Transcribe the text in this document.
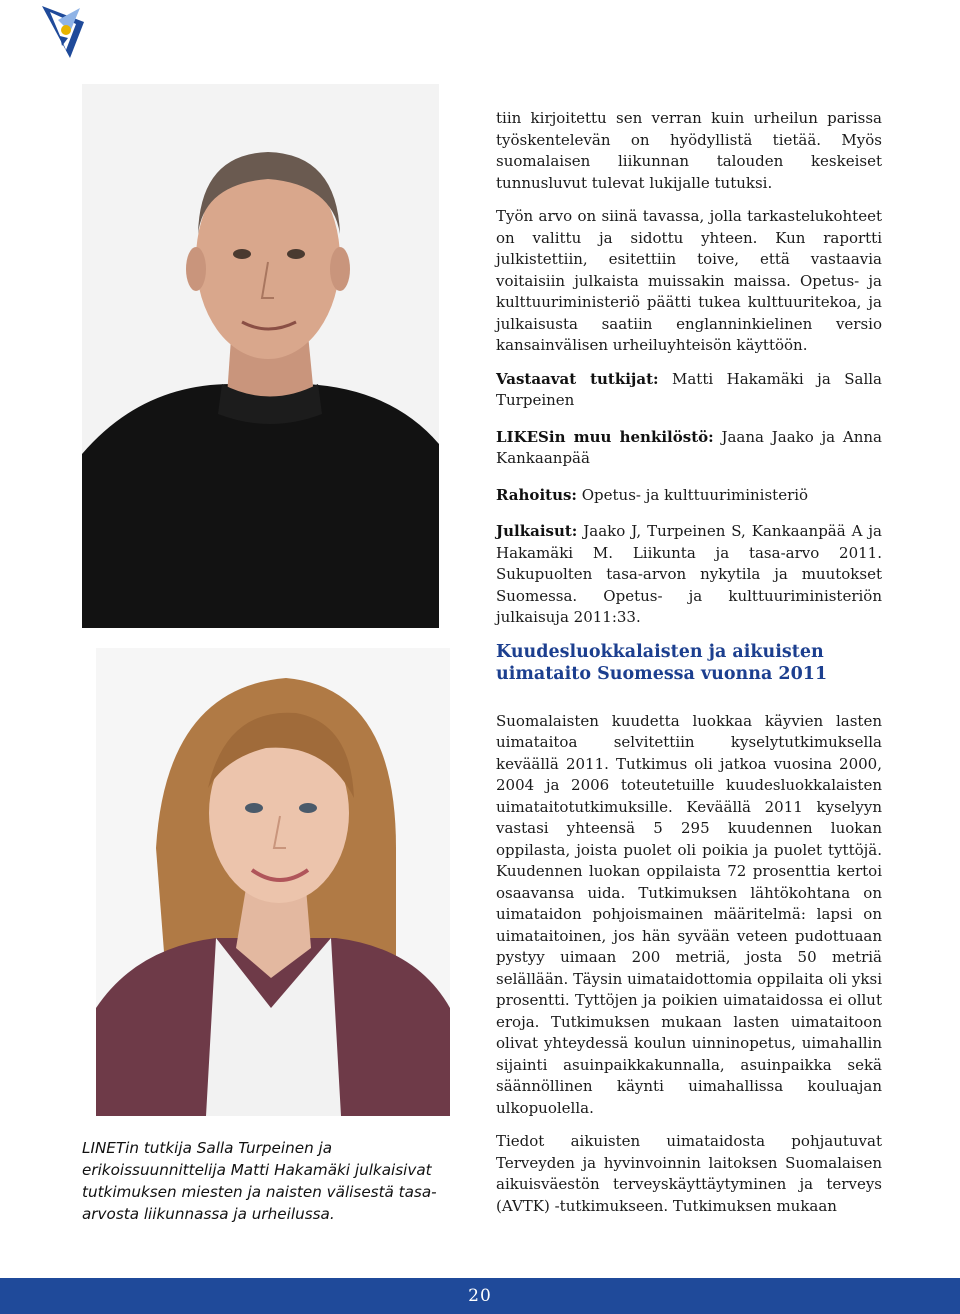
LINETin tutkija Salla Turpeinen ja erikoissuunnittelija Matti Hakamäki julkaisivat tutkimuksen miesten ja naisten välisestä tasa-arvosta liikunnassa ja urheilussa.

tiin kirjoitettu sen verran kuin urheilun parissa työskentelevän on hyödyllistä tietää. Myös suomalaisen liikunnan talouden keskeiset tunnusluvut tulevat lukijalle tutuksi.

Työn arvo on siinä tavassa, jolla tarkastelukohteet on valittu ja sidottu yhteen. Kun raportti julkistettiin, esitettiin toive, että vastaavia voitaisiin julkaista muissakin maissa. Opetus- ja kulttuuriministeriö päätti tukea kulttuuritekoa, ja julkaisusta saatiin englanninkielinen versio kansainvälisen urheiluyhteisön käyttöön.

Vastaavat tutkijat: Matti Hakamäki ja Salla Turpeinen

LIKESin muu henkilöstö: Jaana Jaako ja Anna Kankaanpää

Rahoitus: Opetus- ja kulttuuriministeriö

Julkaisut: Jaako J, Turpeinen S, Kankaanpää A ja Hakamäki M. Liikunta ja tasa-arvo 2011. Sukupuolten tasa-arvon nykytila ja muutokset Suomessa. Opetus- ja kulttuuriministeriön julkaisuja 2011:33.

Kuudesluokkalaisten ja aikuisten uimataito Suomessa vuonna 2011

Suomalaisten kuudetta luokkaa käyvien lasten uimataitoa selvitettiin kyselytutkimuksella keväällä 2011. Tutkimus oli jatkoa vuosina 2000, 2004 ja 2006 toteutetuille kuudesluokkalaisten uimataitotutkimuksille. Keväällä 2011 kyselyyn vastasi yhteensä 5 295 kuudennen luokan oppilasta, joista puolet oli poikia ja puolet tyttöjä. Kuudennen luokan oppilaista 72 prosenttia kertoi osaavansa uida. Tutkimuksen lähtökohtana on uimataidon pohjoismainen määritelmä: lapsi on uimataitoinen, jos hän syvään veteen pudottuaan pystyy uimaan 200 metriä, josta 50 metriä selällään. Täysin uimataidottomia oppilaita oli yksi prosentti. Tyttöjen ja poikien uimataidossa ei ollut eroja. Tutkimuksen mukaan lasten uimataitoon olivat yhteydessä koulun uinninopetus, uimahallin sijainti asuinpaikkakunnalla, asuinpaikka sekä säännöllinen käynti uimahallissa kouluajan ulkopuolella.

Tiedot aikuisten uimataidosta pohjautuvat Terveyden ja hyvinvoinnin laitoksen Suomalaisen aikuisväestön terveyskäyttäytyminen ja terveys (AVTK) -tutkimukseen. Tutkimuksen mukaan

20
